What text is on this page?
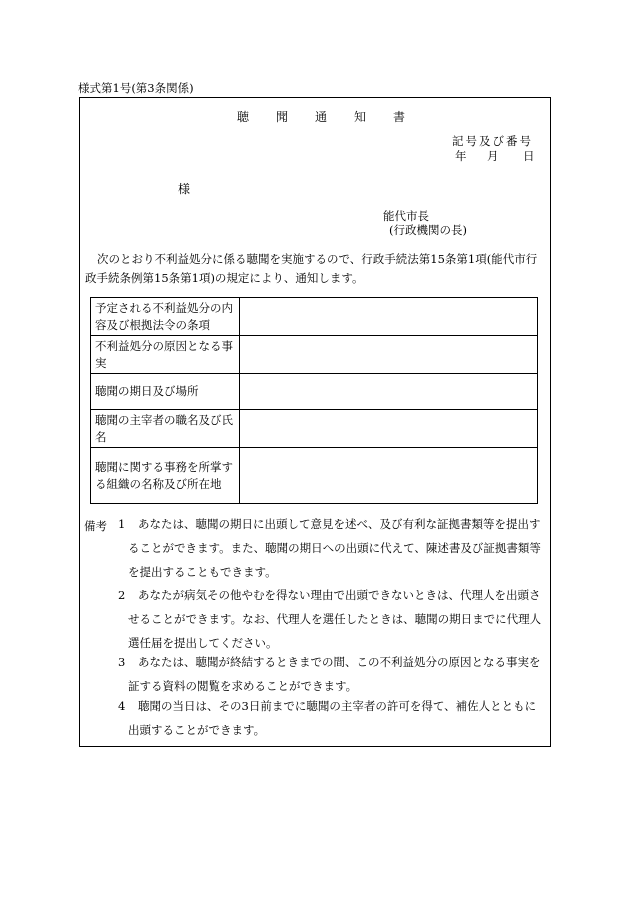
様式第1号(第3条関係)
聴 聞 通 知 書
記号及び番号
年 月 日
様
能代市長
(行政機関の長)
次のとおり不利益処分に係る聴聞を実施するので、行政手続法第15条第1項(能代市行政手続条例第15条第1項)の規定により、通知します。
予定される不利益処分の内容及び根拠法令の条項	
不利益処分の原因となる事実	
聴聞の期日及び場所	
聴聞の主宰者の職名及び氏名	
聴聞に関する事務を所掌する組織の名称及び所在地	
備考 1	あなたは、聴聞の期日に出頭して意見を述べ、及び有利な証拠書類等を提出することができます。また、聴聞の期日への出頭に代えて、陳述書及び証拠書類等を提出することもできます。
2	あなたが病気その他やむを得ない理由で出頭できないときは、代理人を出頭させることができます。なお、代理人を選任したときは、聴聞の期日までに代理人選任届を提出してください。
3	あなたは、聴聞が終結するときまでの間、この不利益処分の原因となる事実を証する資料の閲覧を求めることができます。
4	聴聞の当日は、その3日前までに聴聞の主宰者の許可を得て、補佐人とともに出頭することができます。
